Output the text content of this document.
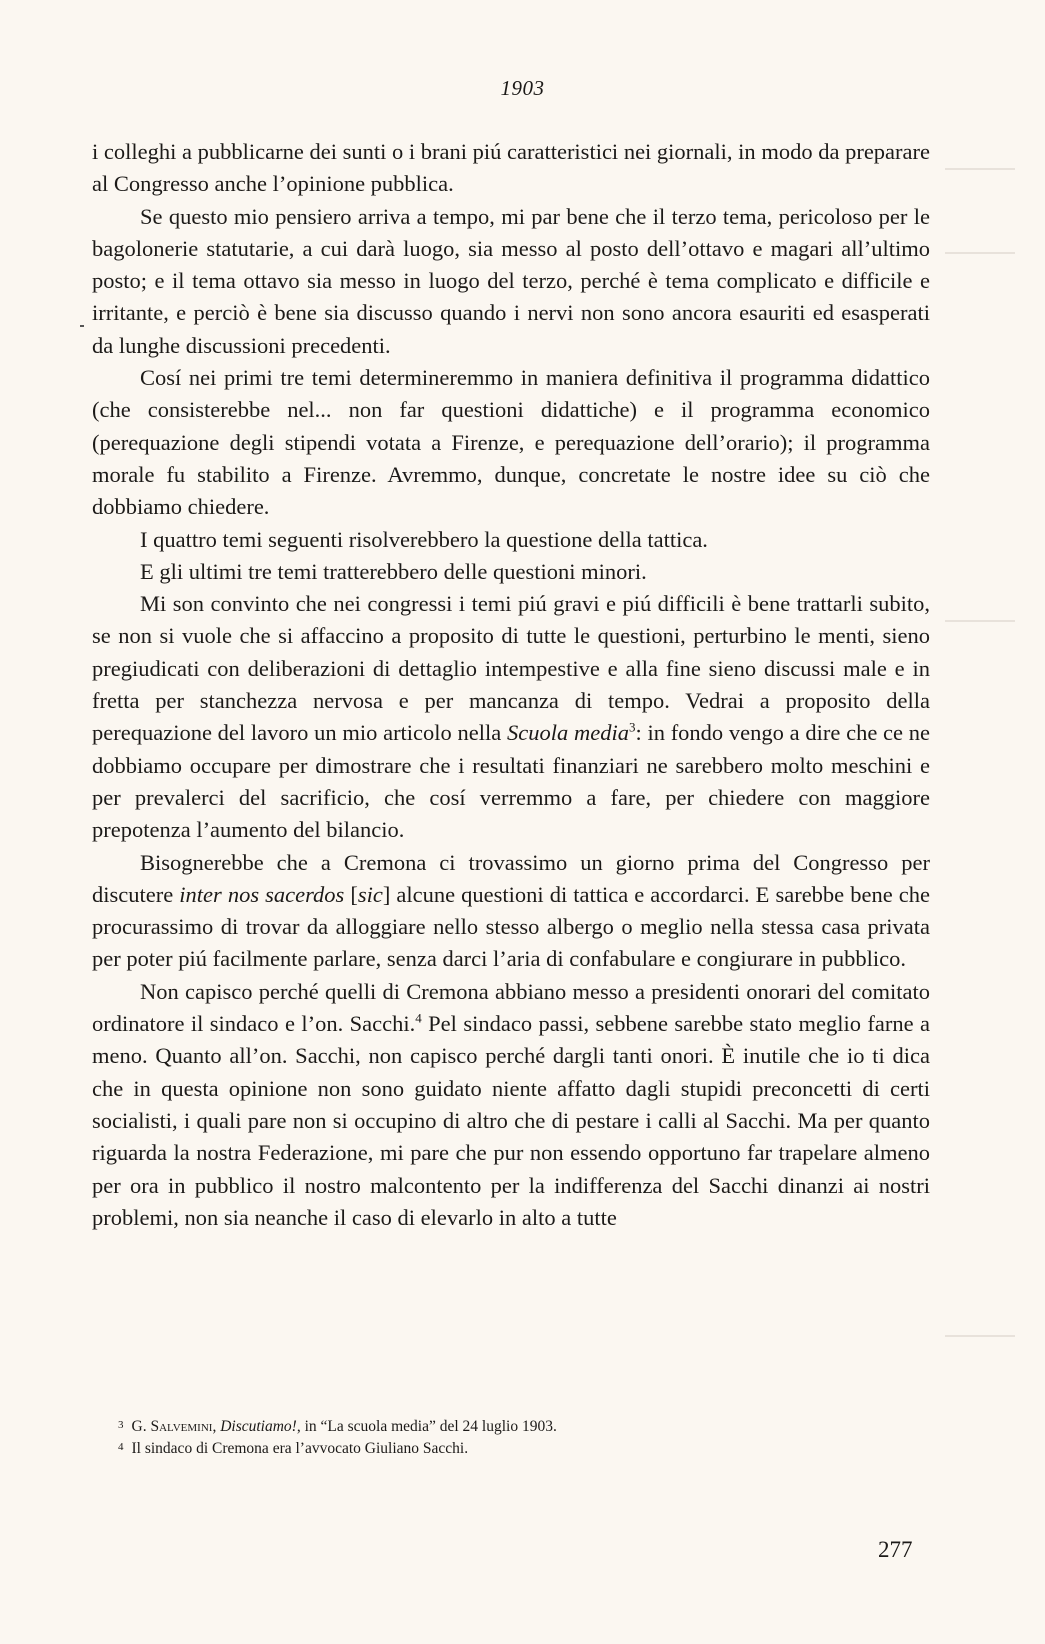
1903

i colleghi a pubblicarne dei sunti o i brani piú caratteristici nei giornali, in modo da preparare al Congresso anche l’opinione pubblica.

Se questo mio pensiero arriva a tempo, mi par bene che il terzo tema, pericoloso per le bagolonerie statutarie, a cui darà luogo, sia messo al posto dell’ottavo e magari all’ultimo posto; e il tema ottavo sia messo in luogo del terzo, perché è tema complicato e difficile e irritante, e perciò è bene sia discusso quando i nervi non sono ancora esauriti ed esasperati da lunghe discussioni precedenti.

Cosí nei primi tre temi determineremmo in maniera definitiva il programma didattico (che consisterebbe nel... non far questioni didattiche) e il programma economico (perequazione degli stipendi votata a Firenze, e perequazione dell’orario); il programma morale fu stabilito a Firenze. Avremmo, dunque, concretate le nostre idee su ciò che dobbiamo chiedere.

I quattro temi seguenti risolverebbero la questione della tattica.

E gli ultimi tre temi tratterebbero delle questioni minori.

Mi son convinto che nei congressi i temi piú gravi e piú difficili è bene trattarli subito, se non si vuole che si affaccino a proposito di tutte le questioni, perturbino le menti, sieno pregiudicati con deliberazioni di dettaglio intempestive e alla fine sieno discussi male e in fretta per stanchezza nervosa e per mancanza di tempo. Vedrai a proposito della perequazione del lavoro un mio articolo nella Scuola media$^3$: in fondo vengo a dire che ce ne dobbiamo occupare per dimostrare che i resultati finanziari ne sarebbero molto meschini e per prevalerci del sacrificio, che cosí verremmo a fare, per chiedere con maggiore prepotenza l’aumento del bilancio.

Bisognerebbe che a Cremona ci trovassimo un giorno prima del Congresso per discutere inter nos sacerdos [sic] alcune questioni di tattica e accordarci. E sarebbe bene che procurassimo di trovar da alloggiare nello stesso albergo o meglio nella stessa casa privata per poter piú facilmente parlare, senza darci l’aria di confabulare e congiurare in pubblico.

Non capisco perché quelli di Cremona abbiano messo a presidenti onorari del comitato ordinatore il sindaco e l’on. Sacchi.$^4$ Pel sindaco passi, sebbene sarebbe stato meglio farne a meno. Quanto all’on. Sacchi, non capisco perché dargli tanti onori. È inutile che io ti dica che in questa opinione non sono guidato niente affatto dagli stupidi preconcetti di certi socialisti, i quali pare non si occupino di altro che di pestare i calli al Sacchi. Ma per quanto riguarda la nostra Federazione, mi pare che pur non essendo opportuno far trapelare almeno per ora in pubblico il nostro malcontento per la indifferenza del Sacchi dinanzi ai nostri problemi, non sia neanche il caso di elevarlo in alto a tutte

3 G. Salvemini, Discutiamo!, in “La scuola media” del 24 luglio 1903.
4 Il sindaco di Cremona era l’avvocato Giuliano Sacchi.
277
